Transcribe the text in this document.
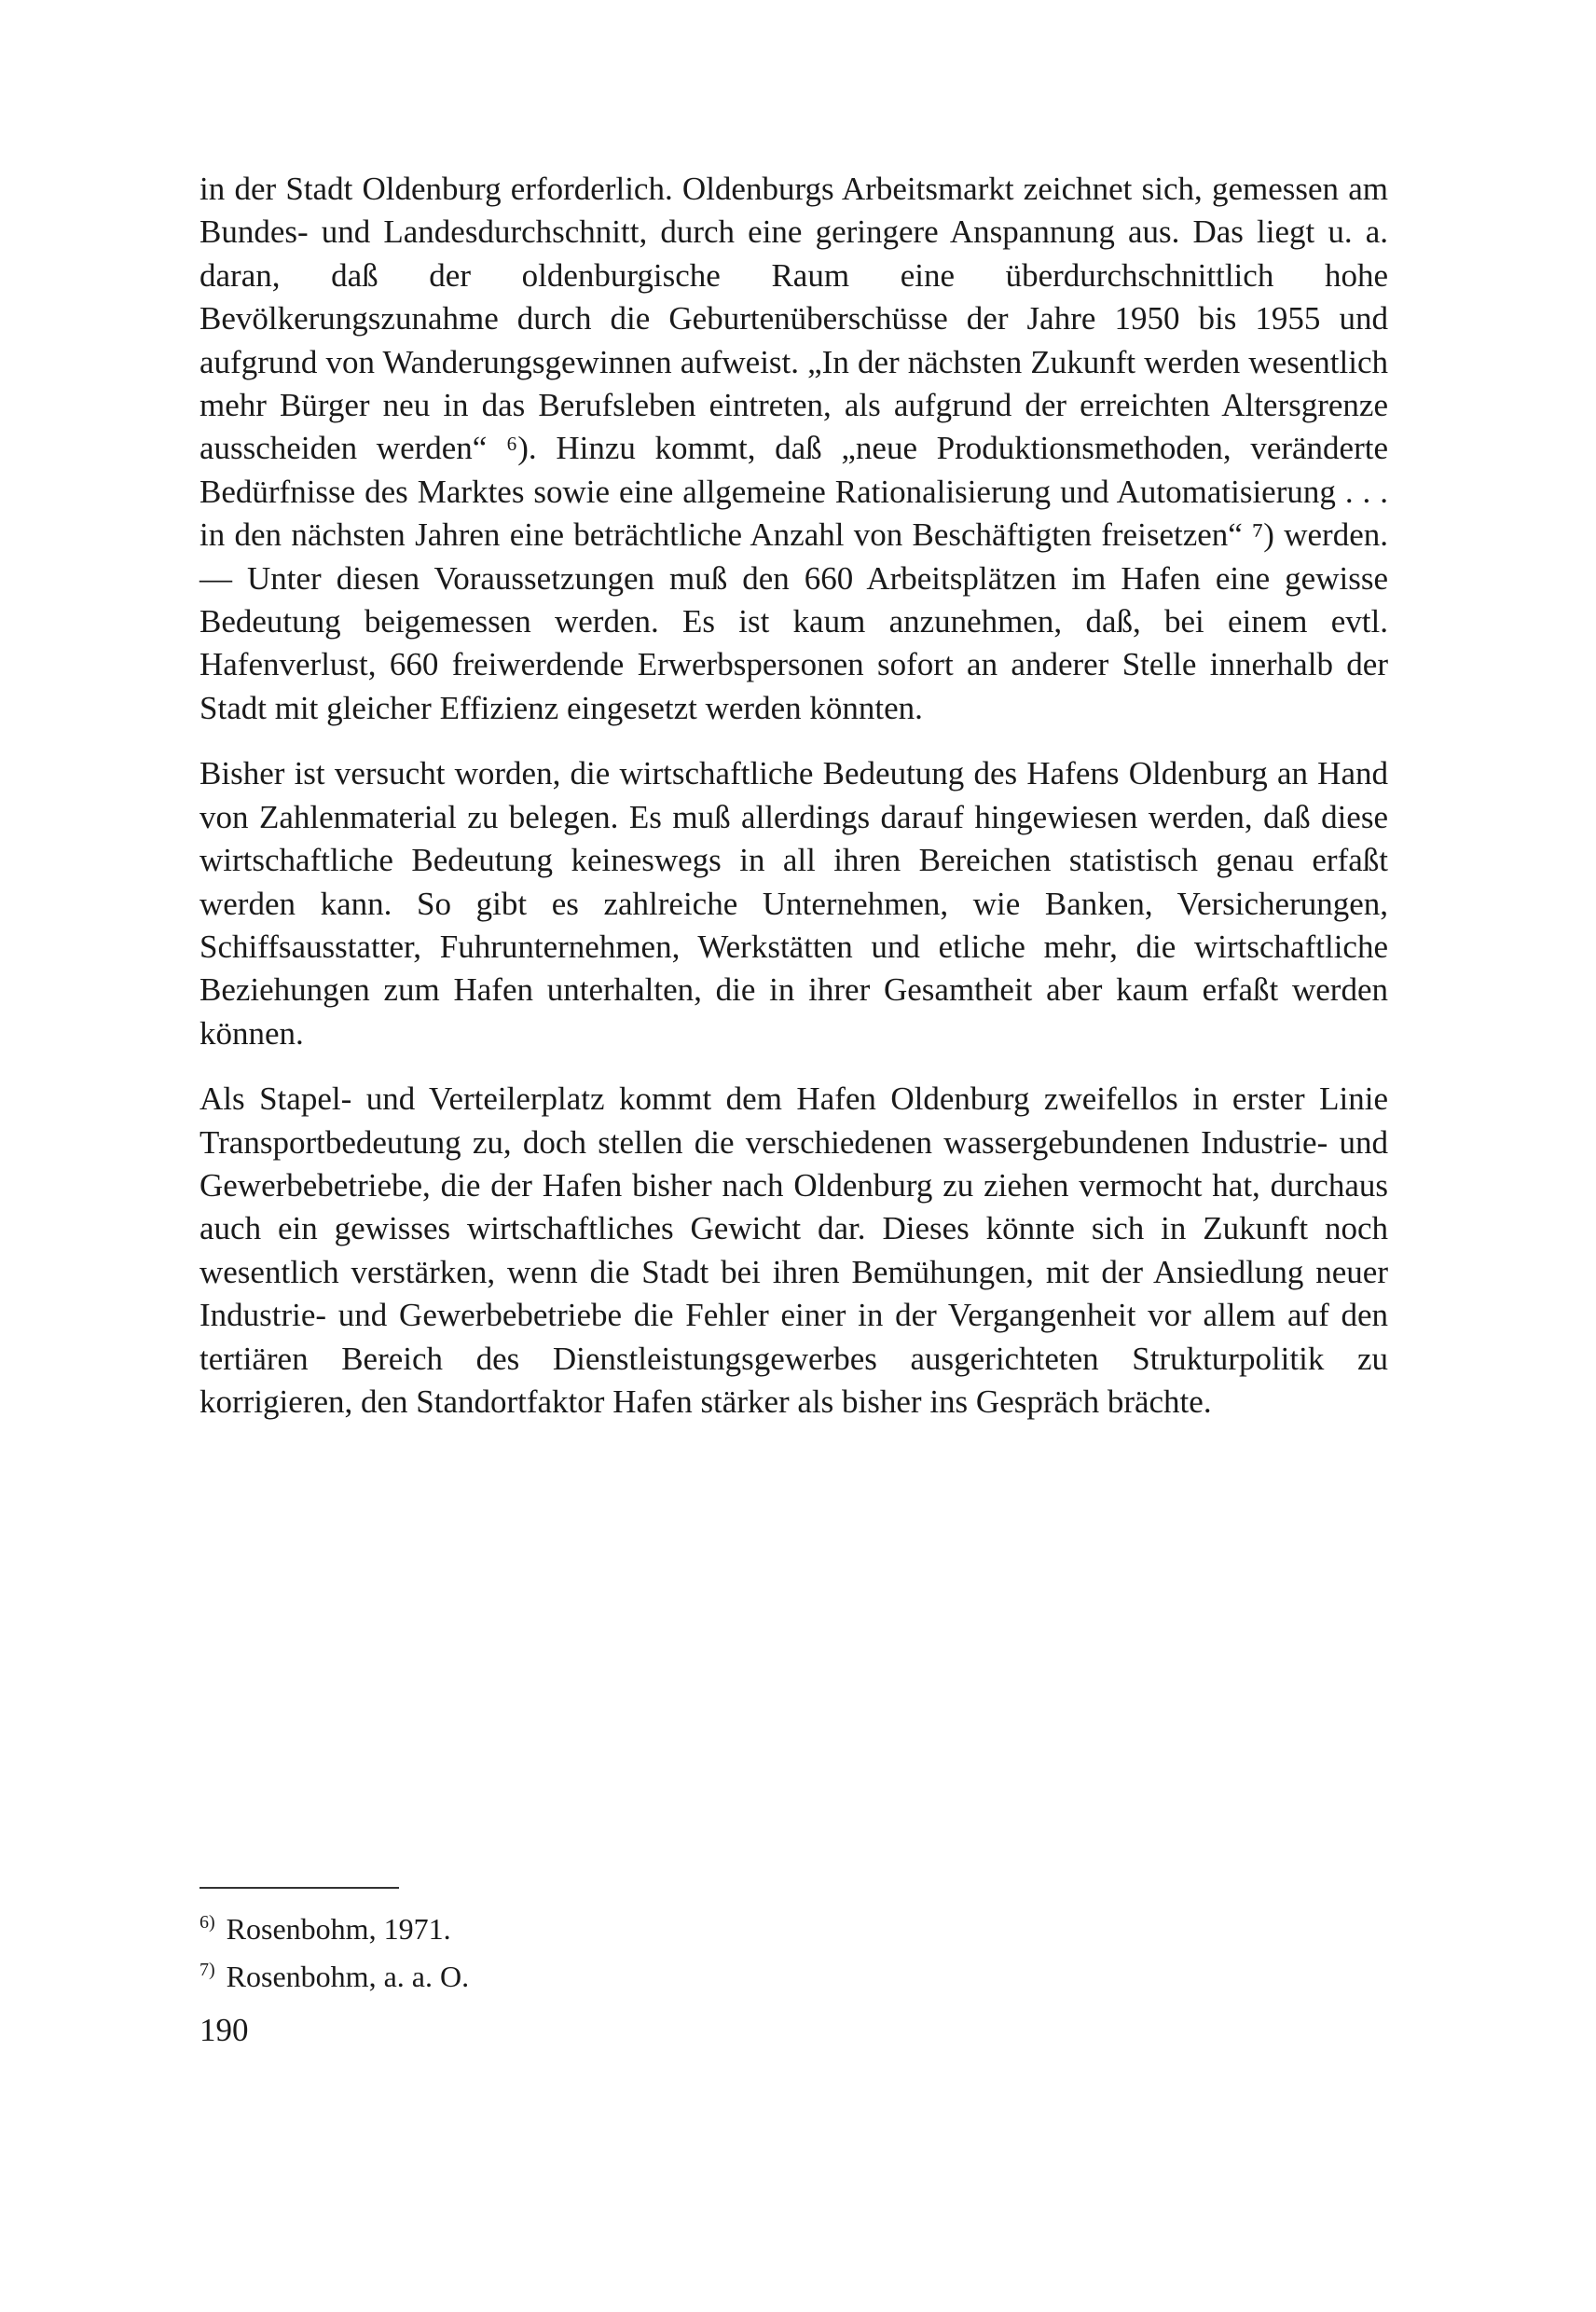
in der Stadt Oldenburg erforderlich. Oldenburgs Arbeitsmarkt zeichnet sich, gemessen am Bundes- und Landesdurchschnitt, durch eine geringere Anspannung aus. Das liegt u. a. daran, daß der oldenburgische Raum eine überdurchschnittlich hohe Bevölkerungszunahme durch die Geburtenüberschüsse der Jahre 1950 bis 1955 und aufgrund von Wanderungsgewinnen aufweist. „In der nächsten Zukunft werden wesentlich mehr Bürger neu in das Berufsleben eintreten, als aufgrund der erreichten Altersgrenze ausscheiden werden“ ⁶). Hinzu kommt, daß „neue Produktionsmethoden, veränderte Bedürfnisse des Marktes sowie eine allgemeine Rationalisierung und Automatisierung . . . in den nächsten Jahren eine beträchtliche Anzahl von Beschäftigten freisetzen“ ⁷) werden. — Unter diesen Voraussetzungen muß den 660 Arbeitsplätzen im Hafen eine gewisse Bedeutung beigemessen werden. Es ist kaum anzunehmen, daß, bei einem evtl. Hafenverlust, 660 freiwerdende Erwerbspersonen sofort an anderer Stelle innerhalb der Stadt mit gleicher Effizienz eingesetzt werden könnten.

Bisher ist versucht worden, die wirtschaftliche Bedeutung des Hafens Oldenburg an Hand von Zahlenmaterial zu belegen. Es muß allerdings darauf hingewiesen werden, daß diese wirtschaftliche Bedeutung keineswegs in all ihren Bereichen statistisch genau erfaßt werden kann. So gibt es zahlreiche Unternehmen, wie Banken, Versicherungen, Schiffsausstatter, Fuhrunternehmen, Werkstätten und etliche mehr, die wirtschaftliche Beziehungen zum Hafen unterhalten, die in ihrer Gesamtheit aber kaum erfaßt werden können.

Als Stapel- und Verteilerplatz kommt dem Hafen Oldenburg zweifellos in erster Linie Transportbedeutung zu, doch stellen die verschiedenen wassergebundenen Industrie- und Gewerbebetriebe, die der Hafen bisher nach Oldenburg zu ziehen vermocht hat, durchaus auch ein gewisses wirtschaftliches Gewicht dar. Dieses könnte sich in Zukunft noch wesentlich verstärken, wenn die Stadt bei ihren Bemühungen, mit der Ansiedlung neuer Industrie- und Gewerbebetriebe die Fehler einer in der Vergangenheit vor allem auf den tertiären Bereich des Dienstleistungsgewerbes ausgerichteten Strukturpolitik zu korrigieren, den Standortfaktor Hafen stärker als bisher ins Gespräch brächte.

6) Rosenbohm, 1971.

7) Rosenbohm, a. a. O.

190
